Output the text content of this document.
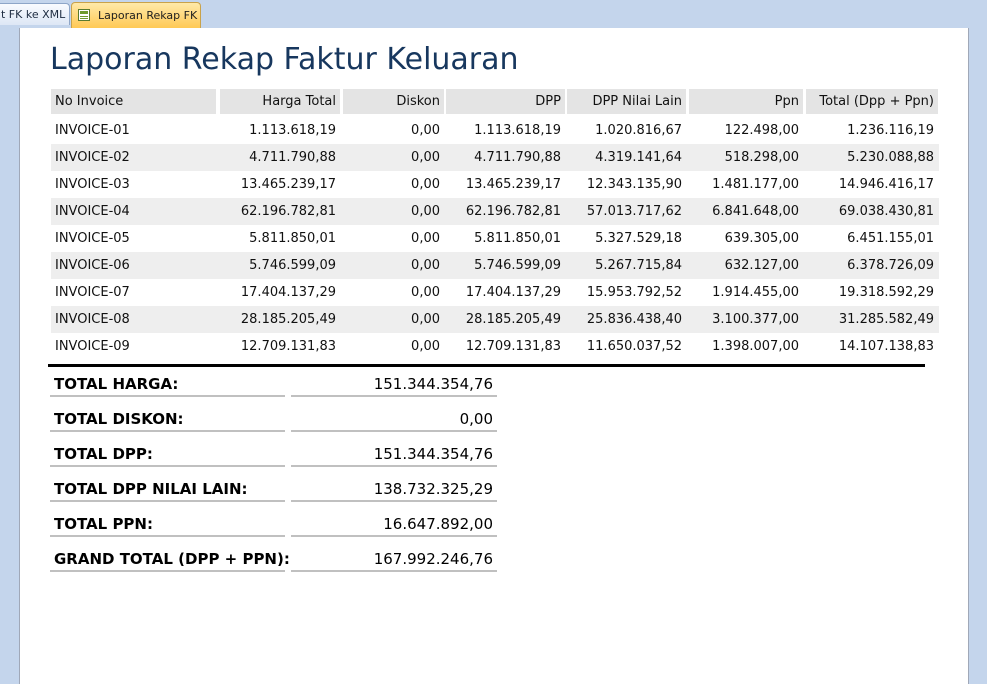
t FK ke XML	Laporan Rekap FK
Laporan Rekap Faktur Keluaran
No Invoice	Harga Total	Diskon	DPP	DPP Nilai Lain	Ppn	Total (Dpp + Ppn)
INVOICE-01	1.113.618,19	0,00	1.113.618,19	1.020.816,67	122.498,00	1.236.116,19
INVOICE-02	4.711.790,88	0,00	4.711.790,88	4.319.141,64	518.298,00	5.230.088,88
INVOICE-03	13.465.239,17	0,00	13.465.239,17	12.343.135,90	1.481.177,00	14.946.416,17
INVOICE-04	62.196.782,81	0,00	62.196.782,81	57.013.717,62	6.841.648,00	69.038.430,81
INVOICE-05	5.811.850,01	0,00	5.811.850,01	5.327.529,18	639.305,00	6.451.155,01
INVOICE-06	5.746.599,09	0,00	5.746.599,09	5.267.715,84	632.127,00	6.378.726,09
INVOICE-07	17.404.137,29	0,00	17.404.137,29	15.953.792,52	1.914.455,00	19.318.592,29
INVOICE-08	28.185.205,49	0,00	28.185.205,49	25.836.438,40	3.100.377,00	31.285.582,49
INVOICE-09	12.709.131,83	0,00	12.709.131,83	11.650.037,52	1.398.007,00	14.107.138,83
TOTAL HARGA:	151.344.354,76
TOTAL DISKON:	0,00
TOTAL DPP:	151.344.354,76
TOTAL DPP NILAI LAIN:	138.732.325,29
TOTAL PPN:	16.647.892,00
GRAND TOTAL (DPP + PPN):	167.992.246,76
